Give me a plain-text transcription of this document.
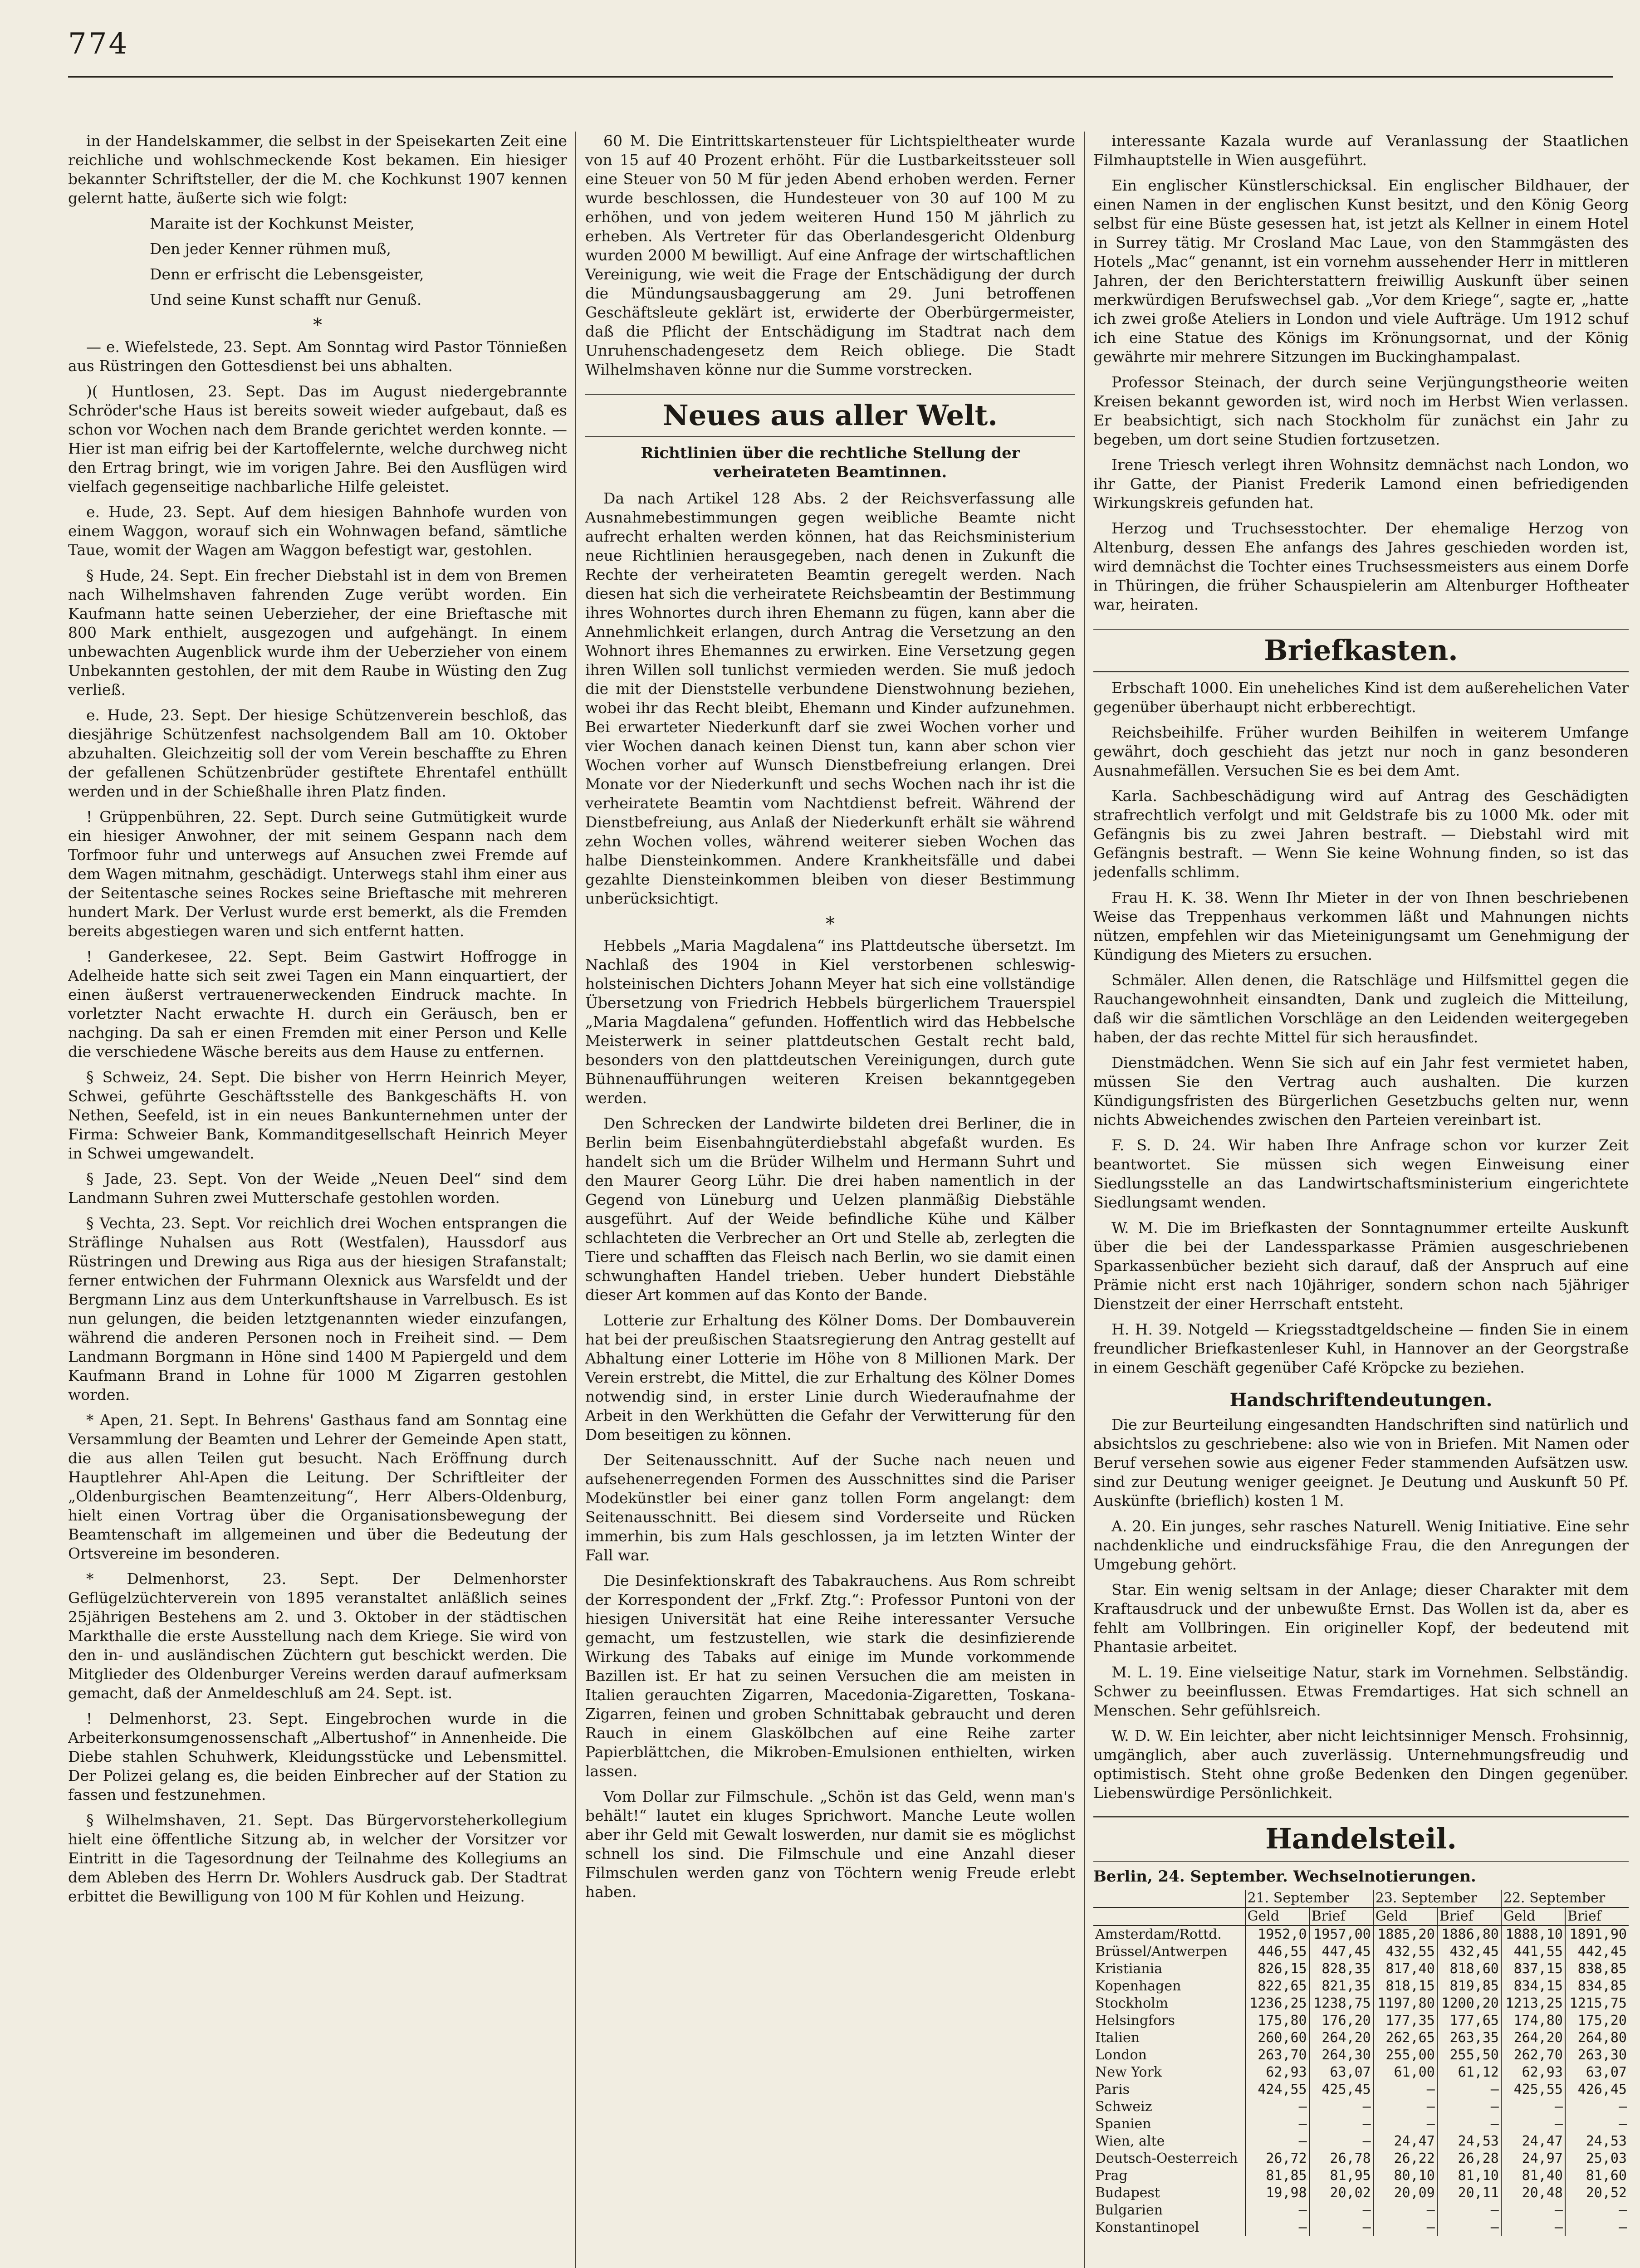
774

in der Handelskammer, die selbst in der Speisekarten Zeit eine reichliche und wohlschmeckende Kost bekamen. Ein hiesiger bekannter Schriftsteller, der die M. che Kochkunst 1907 kennen gelernt hatte, äußerte sich wie folgt:

Maraite ist der Kochkunst Meister,

Den jeder Kenner rühmen muß,

Denn er erfrischt die Lebensgeister,

Und seine Kunst schafft nur Genuß.

*

— e. Wiefelstede, 23. Sept. Am Sonntag wird Pastor Tönnießen aus Rüstringen den Gottesdienst bei uns abhalten.

)( Huntlosen, 23. Sept. Das im August niedergebrannte Schröder'sche Haus ist bereits soweit wieder aufgebaut, daß es schon vor Wochen nach dem Brande gerichtet werden konnte. — Hier ist man eifrig bei der Kartoffelernte, welche durchweg nicht den Ertrag bringt, wie im vorigen Jahre. Bei den Ausflügen wird vielfach gegenseitige nachbarliche Hilfe geleistet.

e. Hude, 23. Sept. Auf dem hiesigen Bahnhofe wurden von einem Waggon, worauf sich ein Wohnwagen befand, sämtliche Taue, womit der Wagen am Waggon befestigt war, gestohlen.

§ Hude, 24. Sept. Ein frecher Diebstahl ist in dem von Bremen nach Wilhelmshaven fahrenden Zuge verübt worden. Ein Kaufmann hatte seinen Ueberzieher, der eine Brieftasche mit 800 Mark enthielt, ausgezogen und aufgehängt. In einem unbewachten Augenblick wurde ihm der Ueberzieher von einem Unbekannten gestohlen, der mit dem Raube in Wüsting den Zug verließ.

e. Hude, 23. Sept. Der hiesige Schützenverein beschloß, das diesjährige Schützenfest nachsolgendem Ball am 10. Oktober abzuhalten. Gleichzeitig soll der vom Verein beschaffte zu Ehren der gefallenen Schützenbrüder gestiftete Ehrentafel enthüllt werden und in der Schießhalle ihren Platz finden.

! Grüppenbühren, 22. Sept. Durch seine Gutmütigkeit wurde ein hiesiger Anwohner, der mit seinem Gespann nach dem Torfmoor fuhr und unterwegs auf Ansuchen zwei Fremde auf dem Wagen mitnahm, geschädigt. Unterwegs stahl ihm einer aus der Seitentasche seines Rockes seine Brieftasche mit mehreren hundert Mark. Der Verlust wurde erst bemerkt, als die Fremden bereits abgestiegen waren und sich entfernt hatten.

! Ganderkesee, 22. Sept. Beim Gastwirt Hoffrogge in Adelheide hatte sich seit zwei Tagen ein Mann einquartiert, der einen äußerst vertrauenerweckenden Eindruck machte. In vorletzter Nacht erwachte H. durch ein Geräusch, ben er nachging. Da sah er einen Fremden mit einer Person und Kelle die verschiedene Wäsche bereits aus dem Hause zu entfernen.

§ Schweiz, 24. Sept. Die bisher von Herrn Heinrich Meyer, Schwei, geführte Geschäftsstelle des Bankgeschäfts H. von Nethen, Seefeld, ist in ein neues Bankunternehmen unter der Firma: Schweier Bank, Kommanditgesellschaft Heinrich Meyer in Schwei umgewandelt.

§ Jade, 23. Sept. Von der Weide „Neuen Deel“ sind dem Landmann Suhren zwei Mutterschafe gestohlen worden.

§ Vechta, 23. Sept. Vor reichlich drei Wochen entsprangen die Sträflinge Nuhalsen aus Rott (Westfalen), Haussdorf aus Rüstringen und Drewing aus Riga aus der hiesigen Strafanstalt; ferner entwichen der Fuhrmann Olexnick aus Warsfeldt und der Bergmann Linz aus dem Unterkunftshause in Varrelbusch. Es ist nun gelungen, die beiden letztgenannten wieder einzufangen, während die anderen Personen noch in Freiheit sind. — Dem Landmann Borgmann in Höne sind 1400 M Papiergeld und dem Kaufmann Brand in Lohne für 1000 M Zigarren gestohlen worden.

* Apen, 21. Sept. In Behrens' Gasthaus fand am Sonntag eine Versammlung der Beamten und Lehrer der Gemeinde Apen statt, die aus allen Teilen gut besucht. Nach Eröffnung durch Hauptlehrer Ahl-Apen die Leitung. Der Schriftleiter der „Oldenburgischen Beamtenzeitung“, Herr Albers-Oldenburg, hielt einen Vortrag über die Organisationsbewegung der Beamtenschaft im allgemeinen und über die Bedeutung der Ortsvereine im besonderen.

* Delmenhorst, 23. Sept. Der Delmenhorster Geflügelzüchterverein von 1895 veranstaltet anläßlich seines 25jährigen Bestehens am 2. und 3. Oktober in der städtischen Markthalle die erste Ausstellung nach dem Kriege. Sie wird von den in- und ausländischen Züchtern gut beschickt werden. Die Mitglieder des Oldenburger Vereins werden darauf aufmerksam gemacht, daß der Anmeldeschluß am 24. Sept. ist.

! Delmenhorst, 23. Sept. Eingebrochen wurde in die Arbeiterkonsumgenossenschaft „Albertushof“ in Annenheide. Die Diebe stahlen Schuhwerk, Kleidungsstücke und Lebensmittel. Der Polizei gelang es, die beiden Einbrecher auf der Station zu fassen und festzunehmen.

§ Wilhelmshaven, 21. Sept. Das Bürgervorsteherkollegium hielt eine öffentliche Sitzung ab, in welcher der Vorsitzer vor Eintritt in die Tagesordnung der Teilnahme des Kollegiums an dem Ableben des Herrn Dr. Wohlers Ausdruck gab. Der Stadtrat erbittet die Bewilligung von 100 M für Kohlen und Heizung.

60 M. Die Eintrittskartensteuer für Lichtspieltheater wurde von 15 auf 40 Prozent erhöht. Für die Lustbarkeitssteuer soll eine Steuer von 50 M für jeden Abend erhoben werden. Ferner wurde beschlossen, die Hundesteuer von 30 auf 100 M zu erhöhen, und von jedem weiteren Hund 150 M jährlich zu erheben. Als Vertreter für das Oberlandesgericht Oldenburg wurden 2000 M bewilligt. Auf eine Anfrage der wirtschaftlichen Vereinigung, wie weit die Frage der Entschädigung der durch die Mündungsausbaggerung am 29. Juni betroffenen Geschäftsleute geklärt ist, erwiderte der Oberbürgermeister, daß die Pflicht der Entschädigung im Stadtrat nach dem Unruhenschadengesetz dem Reich obliege. Die Stadt Wilhelmshaven könne nur die Summe vorstrecken.

Neues aus aller Welt.
Richtlinien über die rechtliche Stellung der verheirateten Beamtinnen.

Da nach Artikel 128 Abs. 2 der Reichsverfassung alle Ausnahmebestimmungen gegen weibliche Beamte nicht aufrecht erhalten werden können, hat das Reichsministerium neue Richtlinien herausgegeben, nach denen in Zukunft die Rechte der verheirateten Beamtin geregelt werden. Nach diesen hat sich die verheiratete Reichsbeamtin der Bestimmung ihres Wohnortes durch ihren Ehemann zu fügen, kann aber die Annehmlichkeit erlangen, durch Antrag die Versetzung an den Wohnort ihres Ehemannes zu erwirken. Eine Versetzung gegen ihren Willen soll tunlichst vermieden werden. Sie muß jedoch die mit der Dienststelle verbundene Dienstwohnung beziehen, wobei ihr das Recht bleibt, Ehemann und Kinder aufzunehmen. Bei erwarteter Niederkunft darf sie zwei Wochen vorher und vier Wochen danach keinen Dienst tun, kann aber schon vier Wochen vorher auf Wunsch Dienstbefreiung erlangen. Drei Monate vor der Niederkunft und sechs Wochen nach ihr ist die verheiratete Beamtin vom Nachtdienst befreit. Während der Dienstbefreiung, aus Anlaß der Niederkunft erhält sie während zehn Wochen volles, während weiterer sieben Wochen das halbe Diensteinkommen. Andere Krankheitsfälle und dabei gezahlte Diensteinkommen bleiben von dieser Bestimmung unberücksichtigt.

*

Hebbels „Maria Magdalena“ ins Plattdeutsche übersetzt. Im Nachlaß des 1904 in Kiel verstorbenen schleswig-holsteinischen Dichters Johann Meyer hat sich eine vollständige Übersetzung von Friedrich Hebbels bürgerlichem Trauerspiel „Maria Magdalena“ gefunden. Hoffentlich wird das Hebbelsche Meisterwerk in seiner plattdeutschen Gestalt recht bald, besonders von den plattdeutschen Vereinigungen, durch gute Bühnenaufführungen weiteren Kreisen bekanntgegeben werden.

Den Schrecken der Landwirte bildeten drei Berliner, die in Berlin beim Eisenbahngüterdiebstahl abgefaßt wurden. Es handelt sich um die Brüder Wilhelm und Hermann Suhrt und den Maurer Georg Lühr. Die drei haben namentlich in der Gegend von Lüneburg und Uelzen planmäßig Diebstähle ausgeführt. Auf der Weide befindliche Kühe und Kälber schlachteten die Verbrecher an Ort und Stelle ab, zerlegten die Tiere und schafften das Fleisch nach Berlin, wo sie damit einen schwunghaften Handel trieben. Ueber hundert Diebstähle dieser Art kommen auf das Konto der Bande.

Lotterie zur Erhaltung des Kölner Doms. Der Dombauverein hat bei der preußischen Staatsregierung den Antrag gestellt auf Abhaltung einer Lotterie im Höhe von 8 Millionen Mark. Der Verein erstrebt, die Mittel, die zur Erhaltung des Kölner Domes notwendig sind, in erster Linie durch Wiederaufnahme der Arbeit in den Werkhütten die Gefahr der Verwitterung für den Dom beseitigen zu können.

Der Seitenausschnitt. Auf der Suche nach neuen und aufsehenerregenden Formen des Ausschnittes sind die Pariser Modekünstler bei einer ganz tollen Form angelangt: dem Seitenausschnitt. Bei diesem sind Vorderseite und Rücken immerhin, bis zum Hals geschlossen, ja im letzten Winter der Fall war.

Die Desinfektionskraft des Tabakrauchens. Aus Rom schreibt der Korrespondent der „Frkf. Ztg.“: Professor Puntoni von der hiesigen Universität hat eine Reihe interessanter Versuche gemacht, um festzustellen, wie stark die desinfizierende Wirkung des Tabaks auf einige im Munde vorkommende Bazillen ist. Er hat zu seinen Versuchen die am meisten in Italien gerauchten Zigarren, Macedonia-Zigaretten, Toskana-Zigarren, feinen und groben Schnittabak gebraucht und deren Rauch in einem Glaskölbchen auf eine Reihe zarter Papierblättchen, die Mikroben-Emulsionen enthielten, wirken lassen.

Vom Dollar zur Filmschule. „Schön ist das Geld, wenn man's behält!“ lautet ein kluges Sprichwort. Manche Leute wollen aber ihr Geld mit Gewalt loswerden, nur damit sie es möglichst schnell los sind. Die Filmschule und eine Anzahl dieser Filmschulen werden ganz von Töchtern wenig Freude erlebt haben.

interessante Kazala wurde auf Veranlassung der Staatlichen Filmhauptstelle in Wien ausgeführt.

Ein englischer Künstlerschicksal. Ein englischer Bildhauer, der einen Namen in der englischen Kunst besitzt, und den König Georg selbst für eine Büste gesessen hat, ist jetzt als Kellner in einem Hotel in Surrey tätig. Mr Crosland Mac Laue, von den Stammgästen des Hotels „Mac“ genannt, ist ein vornehm aussehender Herr in mittleren Jahren, der den Berichterstattern freiwillig Auskunft über seinen merkwürdigen Berufswechsel gab. „Vor dem Kriege“, sagte er, „hatte ich zwei große Ateliers in London und viele Aufträge. Um 1912 schuf ich eine Statue des Königs im Krönungsornat, und der König gewährte mir mehrere Sitzungen im Buckinghampalast.

Professor Steinach, der durch seine Verjüngungstheorie weiten Kreisen bekannt geworden ist, wird noch im Herbst Wien verlassen. Er beabsichtigt, sich nach Stockholm für zunächst ein Jahr zu begeben, um dort seine Studien fortzusetzen.

Irene Triesch verlegt ihren Wohnsitz demnächst nach London, wo ihr Gatte, der Pianist Frederik Lamond einen befriedigenden Wirkungskreis gefunden hat.

Herzog und Truchsesstochter. Der ehemalige Herzog von Altenburg, dessen Ehe anfangs des Jahres geschieden worden ist, wird demnächst die Tochter eines Truchsessmeisters aus einem Dorfe in Thüringen, die früher Schauspielerin am Altenburger Hoftheater war, heiraten.

Briefkasten.

Erbschaft 1000. Ein uneheliches Kind ist dem außerehelichen Vater gegenüber überhaupt nicht erbberechtigt.

Reichsbeihilfe. Früher wurden Beihilfen in weiterem Umfange gewährt, doch geschieht das jetzt nur noch in ganz besonderen Ausnahmefällen. Versuchen Sie es bei dem Amt.

Karla. Sachbeschädigung wird auf Antrag des Geschädigten strafrechtlich verfolgt und mit Geldstrafe bis zu 1000 Mk. oder mit Gefängnis bis zu zwei Jahren bestraft. — Diebstahl wird mit Gefängnis bestraft. — Wenn Sie keine Wohnung finden, so ist das jedenfalls schlimm.

Frau H. K. 38. Wenn Ihr Mieter in der von Ihnen beschriebenen Weise das Treppenhaus verkommen läßt und Mahnungen nichts nützen, empfehlen wir das Mieteinigungsamt um Genehmigung der Kündigung des Mieters zu ersuchen.

Schmäler. Allen denen, die Ratschläge und Hilfsmittel gegen die Rauchangewohnheit einsandten, Dank und zugleich die Mitteilung, daß wir die sämtlichen Vorschläge an den Leidenden weitergegeben haben, der das rechte Mittel für sich herausfindet.

Dienstmädchen. Wenn Sie sich auf ein Jahr fest vermietet haben, müssen Sie den Vertrag auch aushalten. Die kurzen Kündigungsfristen des Bürgerlichen Gesetzbuchs gelten nur, wenn nichts Abweichendes zwischen den Parteien vereinbart ist.

F. S. D. 24. Wir haben Ihre Anfrage schon vor kurzer Zeit beantwortet. Sie müssen sich wegen Einweisung einer Siedlungsstelle an das Landwirtschaftsministerium eingerichtete Siedlungsamt wenden.

W. M. Die im Briefkasten der Sonntagnummer erteilte Auskunft über die bei der Landessparkasse Prämien ausgeschriebenen Sparkassenbücher bezieht sich darauf, daß der Anspruch auf eine Prämie nicht erst nach 10jähriger, sondern schon nach 5jähriger Dienstzeit der einer Herrschaft entsteht.

H. H. 39. Notgeld — Kriegsstadtgeldscheine — finden Sie in einem freundlicher Briefkastenleser Kuhl, in Hannover an der Georgstraße in einem Geschäft gegenüber Café Kröpcke zu beziehen.

Handschriftendeutungen.

Die zur Beurteilung eingesandten Handschriften sind natürlich und absichtslos zu geschriebene: also wie von in Briefen. Mit Namen oder Beruf versehen sowie aus eigener Feder stammenden Aufsätzen usw. sind zur Deutung weniger geeignet. Je Deutung und Auskunft 50 Pf. Auskünfte (brieflich) kosten 1 M.

A. 20. Ein junges, sehr rasches Naturell. Wenig Initiative. Eine sehr nachdenkliche und eindrucksfähige Frau, die den Anregungen der Umgebung gehört.

Star. Ein wenig seltsam in der Anlage; dieser Charakter mit dem Kraftausdruck und der unbewußte Ernst. Das Wollen ist da, aber es fehlt am Vollbringen. Ein origineller Kopf, der bedeutend mit Phantasie arbeitet.

M. L. 19. Eine vielseitige Natur, stark im Vornehmen. Selbständig. Schwer zu beeinflussen. Etwas Fremdartiges. Hat sich schnell an Menschen. Sehr gefühlsreich.

W. D. W. Ein leichter, aber nicht leichtsinniger Mensch. Frohsinnig, umgänglich, aber auch zuverlässig. Unternehmungsfreudig und optimistisch. Steht ohne große Bedenken den Dingen gegenüber. Liebenswürdige Persönlichkeit.

Handelsteil.
Berlin, 24. September. Wechselnotierungen.
	21. September		23. September		22. September	
	Geld	Brief	Geld	Brief	Geld	Brief
Amsterdam/Rottd.	1952,0	1957,00	1885,20	1886,80	1888,10	1891,90
Brüssel/Antwerpen	446,55	447,45	432,55	432,45	441,55	442,45
Kristiania	826,15	828,35	817,40	818,60	837,15	838,85
Kopenhagen	822,65	821,35	818,15	819,85	834,15	834,85
Stockholm	1236,25	1238,75	1197,80	1200,20	1213,25	1215,75
Helsingfors	175,80	176,20	177,35	177,65	174,80	175,20
Italien	260,60	264,20	262,65	263,35	264,20	264,80
London	263,70	264,30	255,00	255,50	262,70	263,30
New York	62,93	63,07	61,00	61,12	62,93	63,07
Paris	424,55	425,45	—	—	425,55	426,45
Schweiz	—	—	—	—	—	—
Spanien	—	—	—	—	—	—
Wien, alte	—	—	24,47	24,53	24,47	24,53
Deutsch-Oesterreich	26,72	26,78	26,22	26,28	24,97	25,03
Prag	81,85	81,95	80,10	81,10	81,40	81,60
Budapest	19,98	20,02	20,09	20,11	20,48	20,52
Bulgarien	—	—	—	—	—	—
Konstantinopel	—	—	—	—	—	—
